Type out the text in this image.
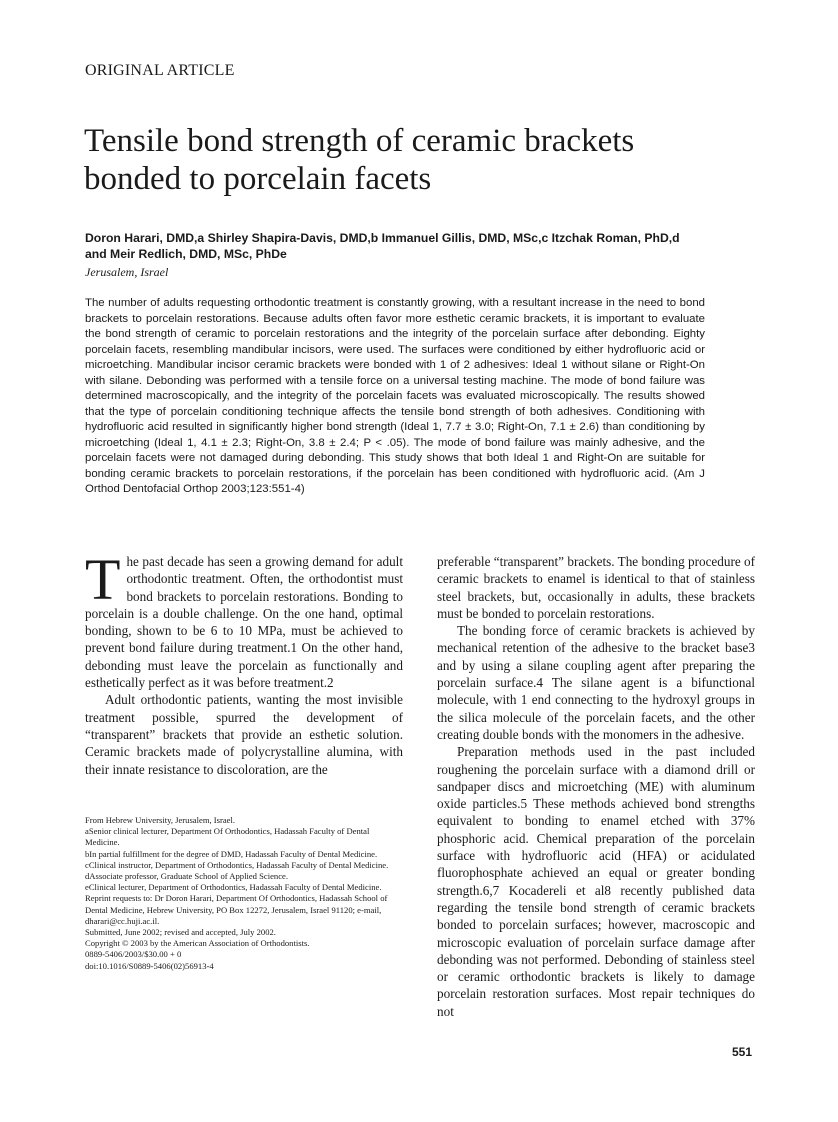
ORIGINAL ARTICLE
Tensile bond strength of ceramic brackets
bonded to porcelain facets
Doron Harari, DMD,a Shirley Shapira-Davis, DMD,b Immanuel Gillis, DMD, MSc,c Itzchak Roman, PhD,d
and Meir Redlich, DMD, MSc, PhDe
Jerusalem, Israel

The number of adults requesting orthodontic treatment is constantly growing, with a resultant increase in the need to bond brackets to porcelain restorations. Because adults often favor more esthetic ceramic brackets, it is important to evaluate the bond strength of ceramic to porcelain restorations and the integrity of the porcelain surface after debonding. Eighty porcelain facets, resembling mandibular incisors, were used. The surfaces were conditioned by either hydrofluoric acid or microetching. Mandibular incisor ceramic brackets were bonded with 1 of 2 adhesives: Ideal 1 without silane or Right-On with silane. Debonding was performed with a tensile force on a universal testing machine. The mode of bond failure was determined macroscopically, and the integrity of the porcelain facets was evaluated microscopically. The results showed that the type of porcelain conditioning technique affects the tensile bond strength of both adhesives. Conditioning with hydrofluoric acid resulted in significantly higher bond strength (Ideal 1, 7.7 ± 3.0; Right-On, 7.1 ± 2.6) than conditioning by microetching (Ideal 1, 4.1 ± 2.3; Right-On, 3.8 ± 2.4; P < .05). The mode of bond failure was mainly adhesive, and the porcelain facets were not damaged during debonding. This study shows that both Ideal 1 and Right-On are suitable for bonding ceramic brackets to porcelain restorations, if the porcelain has been conditioned with hydrofluoric acid. (Am J Orthod Dentofacial Orthop 2003;123:551-4)

The past decade has seen a growing demand for adult orthodontic treatment. Often, the orthodontist must bond brackets to porcelain restorations. Bonding to porcelain is a double challenge. On the one hand, optimal bonding, shown to be 6 to 10 MPa, must be achieved to prevent bond failure during treatment.1 On the other hand, debonding must leave the porcelain as functionally and esthetically perfect as it was before treatment.2

Adult orthodontic patients, wanting the most invisible treatment possible, spurred the development of “transparent” brackets that provide an esthetic solution. Ceramic brackets made of polycrystalline alumina, with their innate resistance to discoloration, are the

From Hebrew University, Jerusalem, Israel.
aSenior clinical lecturer, Department Of Orthodontics, Hadassah Faculty of Dental Medicine.
bIn partial fulfillment for the degree of DMD, Hadassah Faculty of Dental Medicine.
cClinical instructor, Department of Orthodontics, Hadassah Faculty of Dental Medicine.
dAssociate professor, Graduate School of Applied Science.
eClinical lecturer, Department of Orthodontics, Hadassah Faculty of Dental Medicine.
Reprint requests to: Dr Doron Harari, Department Of Orthodontics, Hadassah School of Dental Medicine, Hebrew University, PO Box 12272, Jerusalem, Israel 91120; e-mail, dharari@cc.huji.ac.il.
Submitted, June 2002; revised and accepted, July 2002.
Copyright © 2003 by the American Association of Orthodontists.
0889-5406/2003/$30.00 + 0
doi:10.1016/S0889-5406(02)56913-4

preferable “transparent” brackets. The bonding procedure of ceramic brackets to enamel is identical to that of stainless steel brackets, but, occasionally in adults, these brackets must be bonded to porcelain restorations.

The bonding force of ceramic brackets is achieved by mechanical retention of the adhesive to the bracket base3 and by using a silane coupling agent after preparing the porcelain surface.4 The silane agent is a bifunctional molecule, with 1 end connecting to the hydroxyl groups in the silica molecule of the porcelain facets, and the other creating double bonds with the monomers in the adhesive.

Preparation methods used in the past included roughening the porcelain surface with a diamond drill or sandpaper discs and microetching (ME) with aluminum oxide particles.5 These methods achieved bond strengths equivalent to bonding to enamel etched with 37% phosphoric acid. Chemical preparation of the porcelain surface with hydrofluoric acid (HFA) or acidulated fluorophosphate achieved an equal or greater bonding strength.6,7 Kocadereli et al8 recently published data regarding the tensile bond strength of ceramic brackets bonded to porcelain surfaces; however, macroscopic and microscopic evaluation of porcelain surface damage after debonding was not performed. Debonding of stainless steel or ceramic orthodontic brackets is likely to damage porcelain restoration surfaces. Most repair techniques do not

551
